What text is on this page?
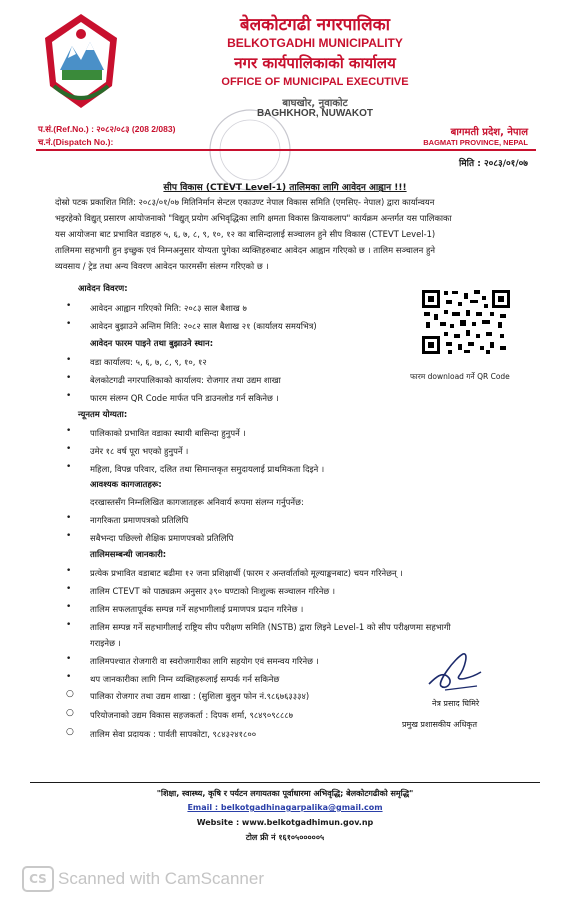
बेलकोटगढी नगरपालिका
BELKOTGADHI MUNICIPALITY
नगर कार्यपालिकाको कार्यालय
OFFICE OF MUNICIPAL EXECUTIVE
बाघखोर, नुवाकोट
BAGHKHOR, NUWAKOT
प.सं.(Ref.No.) : २०८२/०८३ (208 2/083)
च.नं.(Dispatch No.):
बागमती प्रदेश, नेपाल
BAGMATI PROVINCE, NEPAL
मिति : २०८३/०१/०७
सीप विकास (CTEVT Level-1) तालिमका लागि आवेदन आह्वान !!!
दोस्रो पटक प्रकाशित मिति: २०८३/०१/०७ मितिनिर्मान सेन्टल एकाउण्ट नेपाल विकास समिति (एमसिए- नेपाल) द्वारा कार्यान्वयन
भइरहेको विद्युत् प्रसारण आयोजनाको "विद्युत् प्रयोग अभिवृद्धिका लागि क्षमता विकास क्रियाकलाप" कार्यक्रम अन्तर्गत यस पालिकाका
यस आयोजना बाट प्रभावित वडाहरु ५, ६, ७, ८, ९, १०, १२ का बासिन्दालाई सञ्चालन हुने सीप विकास (CTEVT Level-1)
तालिममा सहभागी हुन इच्छुक एवं निम्नअनुसार योग्यता पुगेका व्यक्तिहरुबाट आवेदन आह्वान गरिएको छ । तालिम सञ्चालन हुने
व्यवसाय / ट्रेड तथा अन्य विवरण आवेदन फारमसँग संलग्न गरिएको छ ।
आवेदन विवरण:
• आवेदन आह्वान गरिएको मिति: २०८३ साल बैशाख ७
• आवेदन बुझाउने अन्तिम मिति: २०८२ साल बैशाख २१ (कार्यालय समयभित्र)
आवेदन फारम पाइने तथा बुझाउने स्थान:
• वडा कार्यालय: ५, ६, ७, ८, ९, १०, १२
• बेलकोटगढी नगरपालिकाको कार्यालय: रोजगार तथा उद्यम शाखा
• फारम संलग्न QR Code मार्फत पनि डाउनलोड गर्न सकिनेछ ।
फारम download गर्ने QR Code
न्यूनतम योग्यता:
• पालिकाको प्रभावित वडाका स्थायी बासिन्दा हुनुपर्ने ।
• उमेर १८ वर्ष पूरा भएको हुनुपर्ने ।
• महिला, विपन्न परिवार, दलित तथा सिमान्तकृत समुदायलाई प्राथमिकता दिइने ।
आवश्यक कागजातहरू:
दरखास्तसँग निम्नलिखित कागजातहरू अनिवार्य रूपमा संलग्न गर्नुपर्नेछ:
• नागरिकता प्रमाणपत्रको प्रतिलिपि
• सबैभन्दा पछिल्लो शैक्षिक प्रमाणपत्रको प्रतिलिपि
तालिमसम्बन्धी जानकारी:
• प्रत्येक प्रभावित वडाबाट बढीमा १२ जना प्रशिक्षार्थी (फारम र अन्तर्वार्ताको मूल्याङ्कनबाट) चयन गरिनेछन् ।
• तालिम CTEVT को पाठ्यक्रम अनुसार ३९० घण्टाको निःशुल्क सञ्चालन गरिनेछ ।
• तालिम सफलतापूर्वक सम्पन्न गर्ने सहभागीलाई प्रमाणपत्र प्रदान गरिनेछ ।
• तालिम सम्पन्न गर्ने सहभागीलाई राष्ट्रिय सीप परीक्षण समिति (NSTB) द्वारा लिइने Level-1 को सीप परीक्षणमा सहभागी
गराइनेछ ।
• तालिमपश्चात रोजगारी वा स्वरोजगारीका लागि सहयोग एवं समन्वय गरिनेछ ।
• थप जानकारीका लागि निम्न व्यक्तिहरूलाई सम्पर्क गर्न सकिनेछ
○ पालिका रोजगार तथा उद्यम शाखा : (सुशिला बुलुन फोन नं.९८६७६३३३४)
○ परियोजनाको उद्यम विकास सहजकर्ता : दिपक शर्मा, ९८४९०९८८८७
○ तालिम सेवा प्रदायक : पार्वती सापकोटा, ९८४३२४१८००
नेत्र प्रसाद घिमिरे
प्रमुख प्रशासकीय अधिकृत
"शिक्षा, स्वास्थ्य, कृषि र पर्यटन लगायतका पूर्वाधारमा अभिवृद्धि; बेलकोटगढीको समृद्धि"
Email : belkotgadhinagarpalika@gmail.com
Website : www.belkotgadhimun.gov.np
टोल फ्री नं १६१०५०००००५
CS Scanned with CamScanner
